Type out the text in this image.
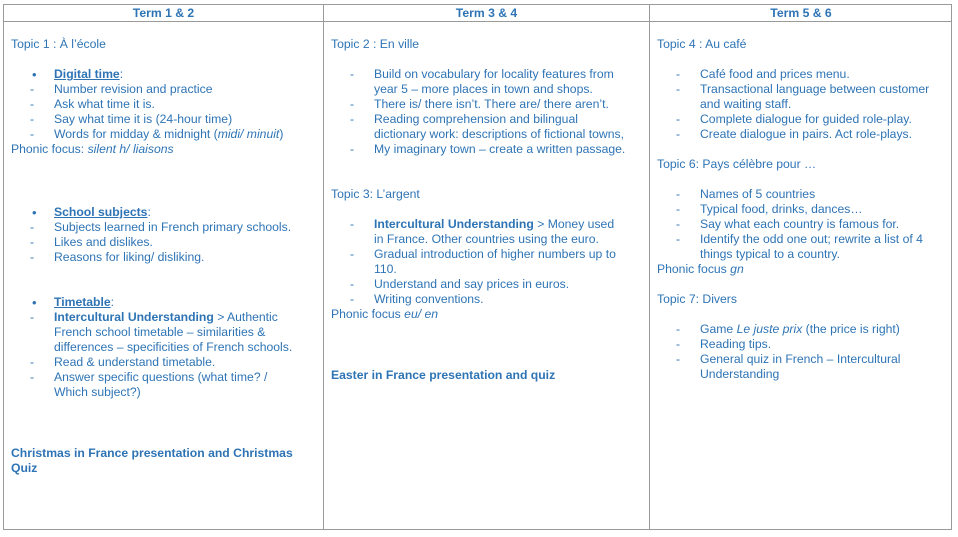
Term 1 & 2	Term 3 & 4	Term 5 & 6
Topic 1 : À l’école
• Digital time:
- Number revision and practice
- Ask what time it is.
- Say what time it is (24-hour time)
- Words for midday & midnight (midi/ minuit)
Phonic focus: silent h/ liaisons
• School subjects:
- Subjects learned in French primary schools.
- Likes and dislikes.
- Reasons for liking/ disliking.
• Timetable:
- Intercultural Understanding > Authentic
French school timetable – similarities &
differences – specificities of French schools.
- Read & understand timetable.
- Answer specific questions (what time? /
Which subject?)
Christmas in France presentation and Christmas
Quiz
Topic 2 : En ville
- Build on vocabulary for locality features from
year 5 – more places in town and shops.
- There is/ there isn’t. There are/ there aren’t.
- Reading comprehension and bilingual
dictionary work: descriptions of fictional towns,
- My imaginary town – create a written passage.
Topic 3: L’argent
- Intercultural Understanding > Money used
in France. Other countries using the euro.
- Gradual introduction of higher numbers up to
110.
- Understand and say prices in euros.
- Writing conventions.
Phonic focus eu/ en
Easter in France presentation and quiz
Topic 4 : Au café
- Café food and prices menu.
- Transactional language between customer
and waiting staff.
- Complete dialogue for guided role-play.
- Create dialogue in pairs. Act role-plays.
Topic 6: Pays célèbre pour …
- Names of 5 countries
- Typical food, drinks, dances…
- Say what each country is famous for.
- Identify the odd one out; rewrite a list of 4
things typical to a country.
Phonic focus gn
Topic 7: Divers
- Game Le juste prix (the price is right)
- Reading tips.
- General quiz in French – Intercultural
Understanding
